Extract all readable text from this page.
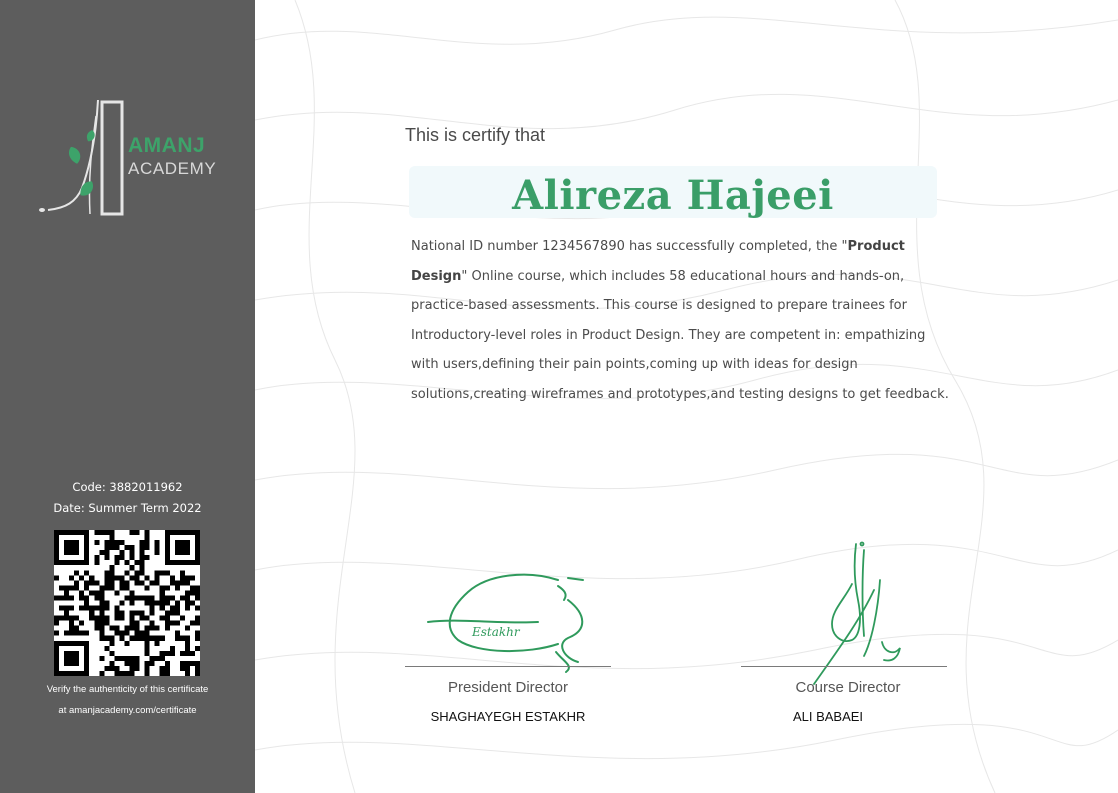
AMANJ
ACADEMY
Code: 3882011962
Date: Summer Term 2022
Verify the authenticity of this certificate
at amanjacademy.com/certificate
This is certify that
Alireza Hajeei
National ID number 1234567890 has successfully completed, the "Product Design" Online course, which includes 58 educational hours and hands-on, practice-based assessments. This course is designed to prepare trainees for Introductory-level roles in Product Design. They are competent in: empathizing with users,defining their pain points,coming up with ideas for design solutions,creating wireframes and prototypes,and testing designs to get feedback.
Estakhr
President Director
SHAGHAYEGH ESTAKHR
Course Director
ALI BABAEI
